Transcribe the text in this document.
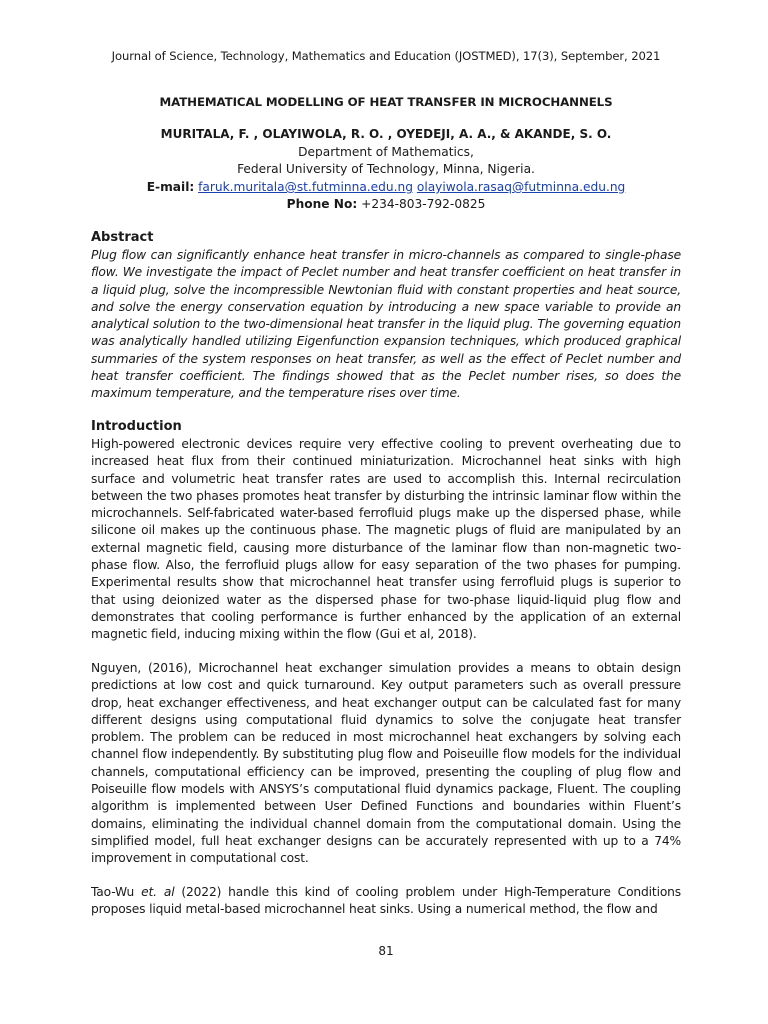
Journal of Science, Technology, Mathematics and Education (JOSTMED), 17(3), September, 2021
MATHEMATICAL MODELLING OF HEAT TRANSFER IN MICROCHANNELS
MURITALA, F. , OLAYIWOLA, R. O. , OYEDEJI, A. A., & AKANDE, S. O.
Department of Mathematics,
Federal University of Technology, Minna, Nigeria.
E-mail: faruk.muritala@st.futminna.edu.ng olayiwola.rasaq@futminna.edu.ng
Phone No: +234-803-792-0825
Abstract
Plug flow can significantly enhance heat transfer in micro-channels as compared to single-phase flow. We investigate the impact of Peclet number and heat transfer coefficient on heat transfer in a liquid plug, solve the incompressible Newtonian fluid with constant properties and heat source, and solve the energy conservation equation by introducing a new space variable to provide an analytical solution to the two-dimensional heat transfer in the liquid plug. The governing equation was analytically handled utilizing Eigenfunction expansion techniques, which produced graphical summaries of the system responses on heat transfer, as well as the effect of Peclet number and heat transfer coefficient. The findings showed that as the Peclet number rises, so does the maximum temperature, and the temperature rises over time.
Introduction
High-powered electronic devices require very effective cooling to prevent overheating due to increased heat flux from their continued miniaturization. Microchannel heat sinks with high surface and volumetric heat transfer rates are used to accomplish this. Internal recirculation between the two phases promotes heat transfer by disturbing the intrinsic laminar flow within the microchannels. Self-fabricated water-based ferrofluid plugs make up the dispersed phase, while silicone oil makes up the continuous phase. The magnetic plugs of fluid are manipulated by an external magnetic field, causing more disturbance of the laminar flow than non-magnetic two-phase flow. Also, the ferrofluid plugs allow for easy separation of the two phases for pumping. Experimental results show that microchannel heat transfer using ferrofluid plugs is superior to that using deionized water as the dispersed phase for two-phase liquid-liquid plug flow and demonstrates that cooling performance is further enhanced by the application of an external magnetic field, inducing mixing within the flow (Gui et al, 2018).
Nguyen, (2016), Microchannel heat exchanger simulation provides a means to obtain design predictions at low cost and quick turnaround. Key output parameters such as overall pressure drop, heat exchanger effectiveness, and heat exchanger output can be calculated fast for many different designs using computational fluid dynamics to solve the conjugate heat transfer problem. The problem can be reduced in most microchannel heat exchangers by solving each channel flow independently. By substituting plug flow and Poiseuille flow models for the individual channels, computational efficiency can be improved, presenting the coupling of plug flow and Poiseuille flow models with ANSYS’s computational fluid dynamics package, Fluent. The coupling algorithm is implemented between User Defined Functions and boundaries within Fluent’s domains, eliminating the individual channel domain from the computational domain. Using the simplified model, full heat exchanger designs can be accurately represented with up to a 74% improvement in computational cost.
Tao-Wu et. al (2022) handle this kind of cooling problem under High-Temperature Conditions proposes liquid metal-based microchannel heat sinks. Using a numerical method, the flow and
81
